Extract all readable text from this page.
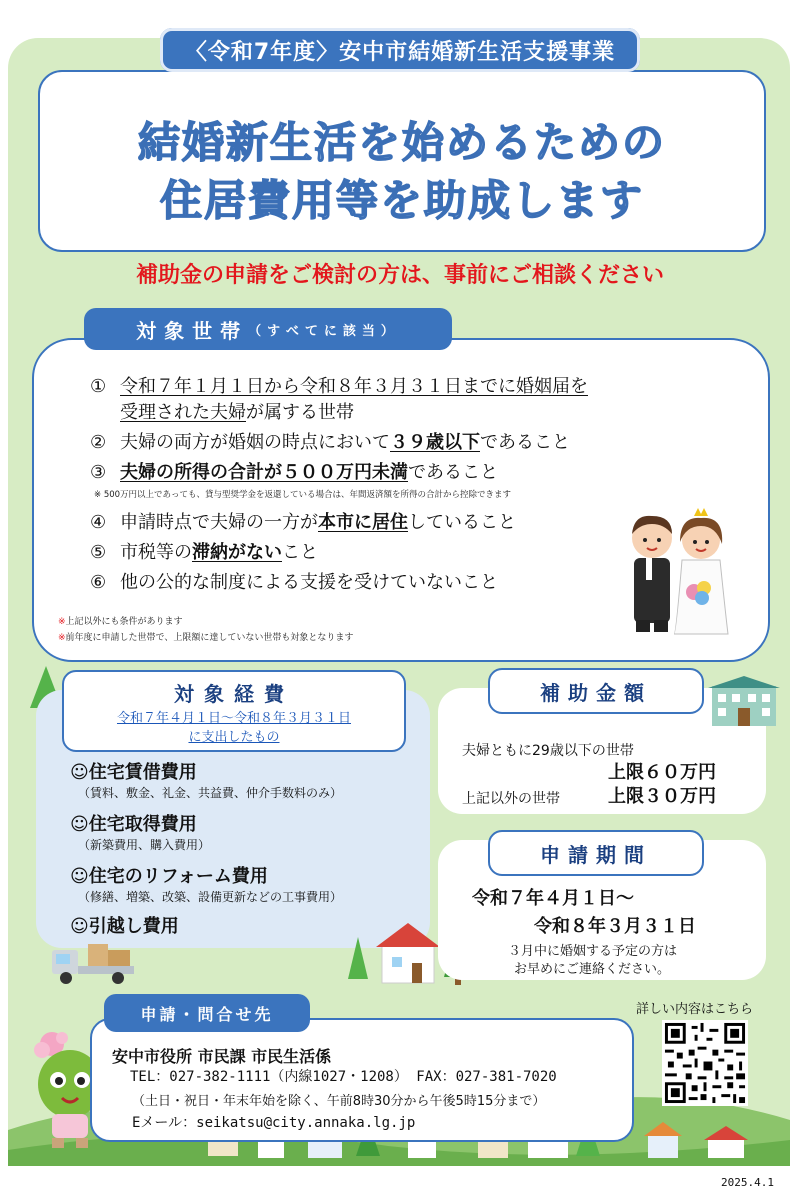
結婚新生活を始めるための
住居費用等を助成します
〈令和7年度〉安中市結婚新生活支援事業
補助金の申請をご検討の方は、事前にご相談ください
① 令和７年１月１日から令和８年３月３１日までに婚姻届を
受理された夫婦が属する世帯
② 夫婦の両方が婚姻の時点において３９歳以下であること
③ 夫婦の所得の合計が５００万円未満であること
※ 500万円以上であっても、貸与型奨学金を返還している場合は、年間返済額を所得の合計から控除できます
④ 申請時点で夫婦の一方が本市に居住していること
⑤ 市税等の滞納がないこと
⑥ 他の公的な制度による支援を受けていないこと
※上記以外にも条件があります
※前年度に申請した世帯で、上限額に達していない世帯も対象となります
対象世帯 （すべてに該当）
☺住宅賃借費用
（賃料、敷金、礼金、共益費、仲介手数料のみ）
☺住宅取得費用
（新築費用、購入費用）
☺住宅のリフォーム費用
（修繕、増築、改築、設備更新などの工事費用）
☺引越し費用
対象経費
令和７年４月１日～令和８年３月３１日
に支出したもの
夫婦ともに29歳以下の世帯
上限６０万円
上記以外の世帯	上限３０万円
補助金額
令和７年４月１日～
令和８年３月３１日
３月中に婚姻する予定の方は
お早めにご連絡ください。
申請期間
安中市役所 市民課 市民生活係
TEL：027-382-1111（内線1027・1208） FAX：027-381-7020
（土日・祝日・年末年始を除く、午前8時30分から午後5時15分まで）
Eメール：seikatsu@city.annaka.lg.jp
申請・問合せ先	詳しい内容はこちら
2025.4.1
